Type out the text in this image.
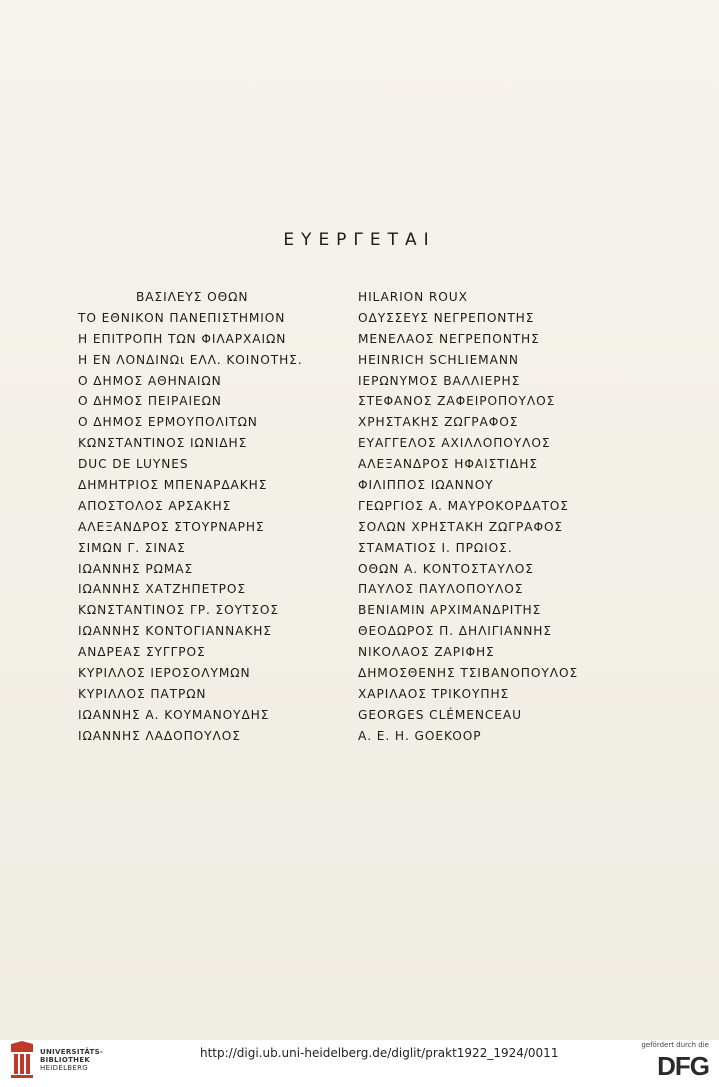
ΕΥΕΡΓΕΤΑΙ
ΒΑΣΙΛΕΥΣ ΟΘΩΝ
ΤΟ ΕΘΝΙΚΟΝ ΠΑΝΕΠΙΣΤΗΜΙΟΝ
Η ΕΠΙΤΡΟΠΗ ΤΩΝ ΦΙΛΑΡΧΑΙΩΝ
Η ΕΝ ΛΟΝΔΙΝΩι ΕΛΛ. ΚΟΙΝΟΤΗΣ.
Ο ΔΗΜΟΣ ΑΘΗΝΑΙΩΝ
Ο ΔΗΜΟΣ ΠΕΙΡΑΙΕΩΝ
Ο ΔΗΜΟΣ ΕΡΜΟΥΠΟΛΙΤΩΝ
ΚΩΝΣΤΑΝΤΙΝΟΣ ΙΩΝΙΔΗΣ
DUC DE LUYNES
ΔΗΜΗΤΡΙΟΣ ΜΠΕΝΑΡΔΑΚΗΣ
ΑΠΟΣΤΟΛΟΣ ΑΡΣΑΚΗΣ
ΑΛΕΞΑΝΔΡΟΣ ΣΤΟΥΡΝΑΡΗΣ
ΣΙΜΩΝ Γ. ΣΙΝΑΣ
ΙΩΑΝΝΗΣ ΡΩΜΑΣ
ΙΩΑΝΝΗΣ ΧΑΤΖΗΠΕΤΡΟΣ
ΚΩΝΣΤΑΝΤΙΝΟΣ ΓΡ. ΣΟΥΤΣΟΣ
ΙΩΑΝΝΗΣ ΚΟΝΤΟΓΙΑΝΝΑΚΗΣ
ΑΝΔΡΕΑΣ ΣΥΓΓΡΟΣ
ΚΥΡΙΛΛΟΣ ΙΕΡΟΣΟΛΥΜΩΝ
ΚΥΡΙΛΛΟΣ ΠΑΤΡΩΝ
ΙΩΑΝΝΗΣ Α. ΚΟΥΜΑΝΟΥΔΗΣ
ΙΩΑΝΝΗΣ ΛΑΔΟΠΟΥΛΟΣ
HILARION ROUX
ΟΔΥΣΣΕΥΣ ΝΕΓΡΕΠΟΝΤΗΣ
ΜΕΝΕΛΑΟΣ ΝΕΓΡΕΠΟΝΤΗΣ
HEINRICH SCHLIEMANN
ΙΕΡΩΝΥΜΟΣ ΒΑΛΛΙΕΡΗΣ
ΣΤΕΦΑΝΟΣ ΖΑΦΕΙΡΟΠΟΥΛΟΣ
ΧΡΗΣΤΑΚΗΣ ΖΩΓΡΑΦΟΣ
ΕΥΑΓΓΕΛΟΣ ΑΧΙΛΛΟΠΟΥΛΟΣ
ΑΛΕΞΑΝΔΡΟΣ ΗΦΑΙΣΤΙΔΗΣ
ΦΙΛΙΠΠΟΣ ΙΩΑΝΝΟΥ
ΓΕΩΡΓΙΟΣ Α. ΜΑΥΡΟΚΟΡΔΑΤΟΣ
ΣΟΛΩΝ ΧΡΗΣΤΑΚΗ ΖΩΓΡΑΦΟΣ
ΣΤΑΜΑΤΙΟΣ Ι. ΠΡΩΙΟΣ.
ΟΘΩΝ Α. ΚΟΝΤΟΣΤΑΥΛΟΣ
ΠΑΥΛΟΣ ΠΑΥΛΟΠΟΥΛΟΣ
ΒΕΝΙΑΜΙΝ ΑΡΧΙΜΑΝΔΡΙΤΗΣ
ΘΕΟΔΩΡΟΣ Π. ΔΗΛΙΓΙΑΝΝΗΣ
ΝΙΚΟΛΑΟΣ ΖΑΡΙΦΗΣ
ΔΗΜΟΣΘΕΝΗΣ ΤΣΙΒΑΝΟΠΟΥΛΟΣ
ΧΑΡΙΛΑΟΣ ΤΡΙΚΟΥΠΗΣ
GEORGES CLÉMENCEAU
Α. Ε. Η. GOEKOOP
UNIVERSITÄTS-
BIBLIOTHEK
HEIDELBERG
http://digi.ub.uni-heidelberg.de/diglit/prakt1922_1924/0011
gefördert durch die
DFG
